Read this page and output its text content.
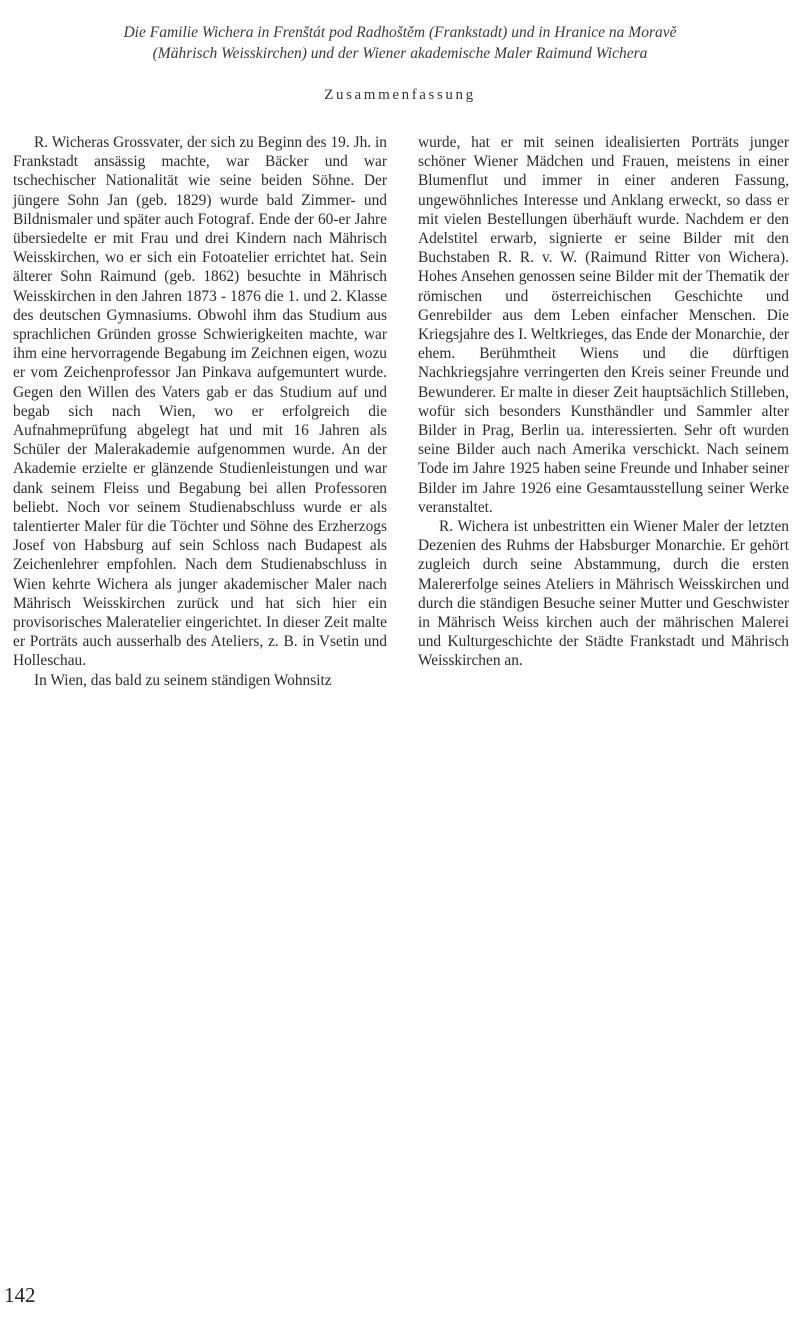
Die Familie Wichera in Frenštát pod Radhoštěm (Frankstadt) und in Hranice na Moravě
(Mährisch Weisskirchen) und der Wiener akademische Maler Raimund Wichera
Zusammenfassung

R. Wicheras Grossvater, der sich zu Beginn des 19. Jh. in Frankstadt ansässig machte, war Bäcker und war tschechischer Nationalität wie seine beiden Söhne. Der jüngere Sohn Jan (geb. 1829) wurde bald Zimmer- und Bildnismaler und später auch Fotograf. Ende der 60-er Jahre übersiedelte er mit Frau und drei Kindern nach Mährisch Weisskirchen, wo er sich ein Fotoatelier errichtet hat. Sein älterer Sohn Raimund (geb. 1862) besuchte in Mährisch Weisskirchen in den Jahren 1873 - 1876 die 1. und 2. Klasse des deutschen Gymnasiums. Obwohl ihm das Studium aus sprachlichen Gründen grosse Schwierigkeiten machte, war ihm eine hervorragende Begabung im Zeichnen eigen, wozu er vom Zeichenprofessor Jan Pinkava aufgemuntert wurde. Gegen den Willen des Vaters gab er das Studium auf und begab sich nach Wien, wo er erfolgreich die Aufnahmeprüfung abgelegt hat und mit 16 Jahren als Schüler der Malerakademie aufgenommen wurde. An der Akademie erzielte er glänzende Studienleistungen und war dank seinem Fleiss und Begabung bei allen Professoren beliebt. Noch vor seinem Studienabschluss wurde er als talentierter Maler für die Töchter und Söhne des Erzherzogs Josef von Habsburg auf sein Schloss nach Budapest als Zeichenlehrer empfohlen. Nach dem Studienabschluss in Wien kehrte Wichera als junger akademischer Maler nach Mährisch Weisskirchen zurück und hat sich hier ein provisorisches Maleratelier eingerichtet. In dieser Zeit malte er Porträts auch ausserhalb des Ateliers, z. B. in Vsetin und Holleschau.

In Wien, das bald zu seinem ständigen Wohnsitz

wurde, hat er mit seinen idealisierten Porträts junger schöner Wiener Mädchen und Frauen, meistens in einer Blumenflut und immer in einer anderen Fassung, ungewöhnliches Interesse und Anklang erweckt, so dass er mit vielen Bestellungen überhäuft wurde. Nachdem er den Adelstitel erwarb, signierte er seine Bilder mit den Buchstaben R. R. v. W. (Raimund Ritter von Wichera). Hohes Ansehen genossen seine Bilder mit der Thematik der römischen und österreichischen Geschichte und Genrebilder aus dem Leben einfacher Menschen. Die Kriegsjahre des I. Weltkrieges, das Ende der Monarchie, der ehem. Berühmtheit Wiens und die dürftigen Nachkriegsjahre verringerten den Kreis seiner Freunde und Bewunderer. Er malte in dieser Zeit hauptsächlich Stilleben, wofür sich besonders Kunsthändler und Sammler alter Bilder in Prag, Berlin ua. interessierten. Sehr oft wurden seine Bilder auch nach Amerika verschickt. Nach seinem Tode im Jahre 1925 haben seine Freunde und Inhaber seiner Bilder im Jahre 1926 eine Gesamtausstellung seiner Werke veranstaltet.

R. Wichera ist unbestritten ein Wiener Maler der letzten Dezenien des Ruhms der Habsburger Monarchie. Er gehört zugleich durch seine Abstammung, durch die ersten Malererfolge seines Ateliers in Mährisch Weisskirchen und durch die ständigen Besuche seiner Mutter und Geschwister in Mährisch Weiss kirchen auch der mährischen Malerei und Kulturgeschichte der Städte Frankstadt und Mährisch Weisskirchen an.

142
